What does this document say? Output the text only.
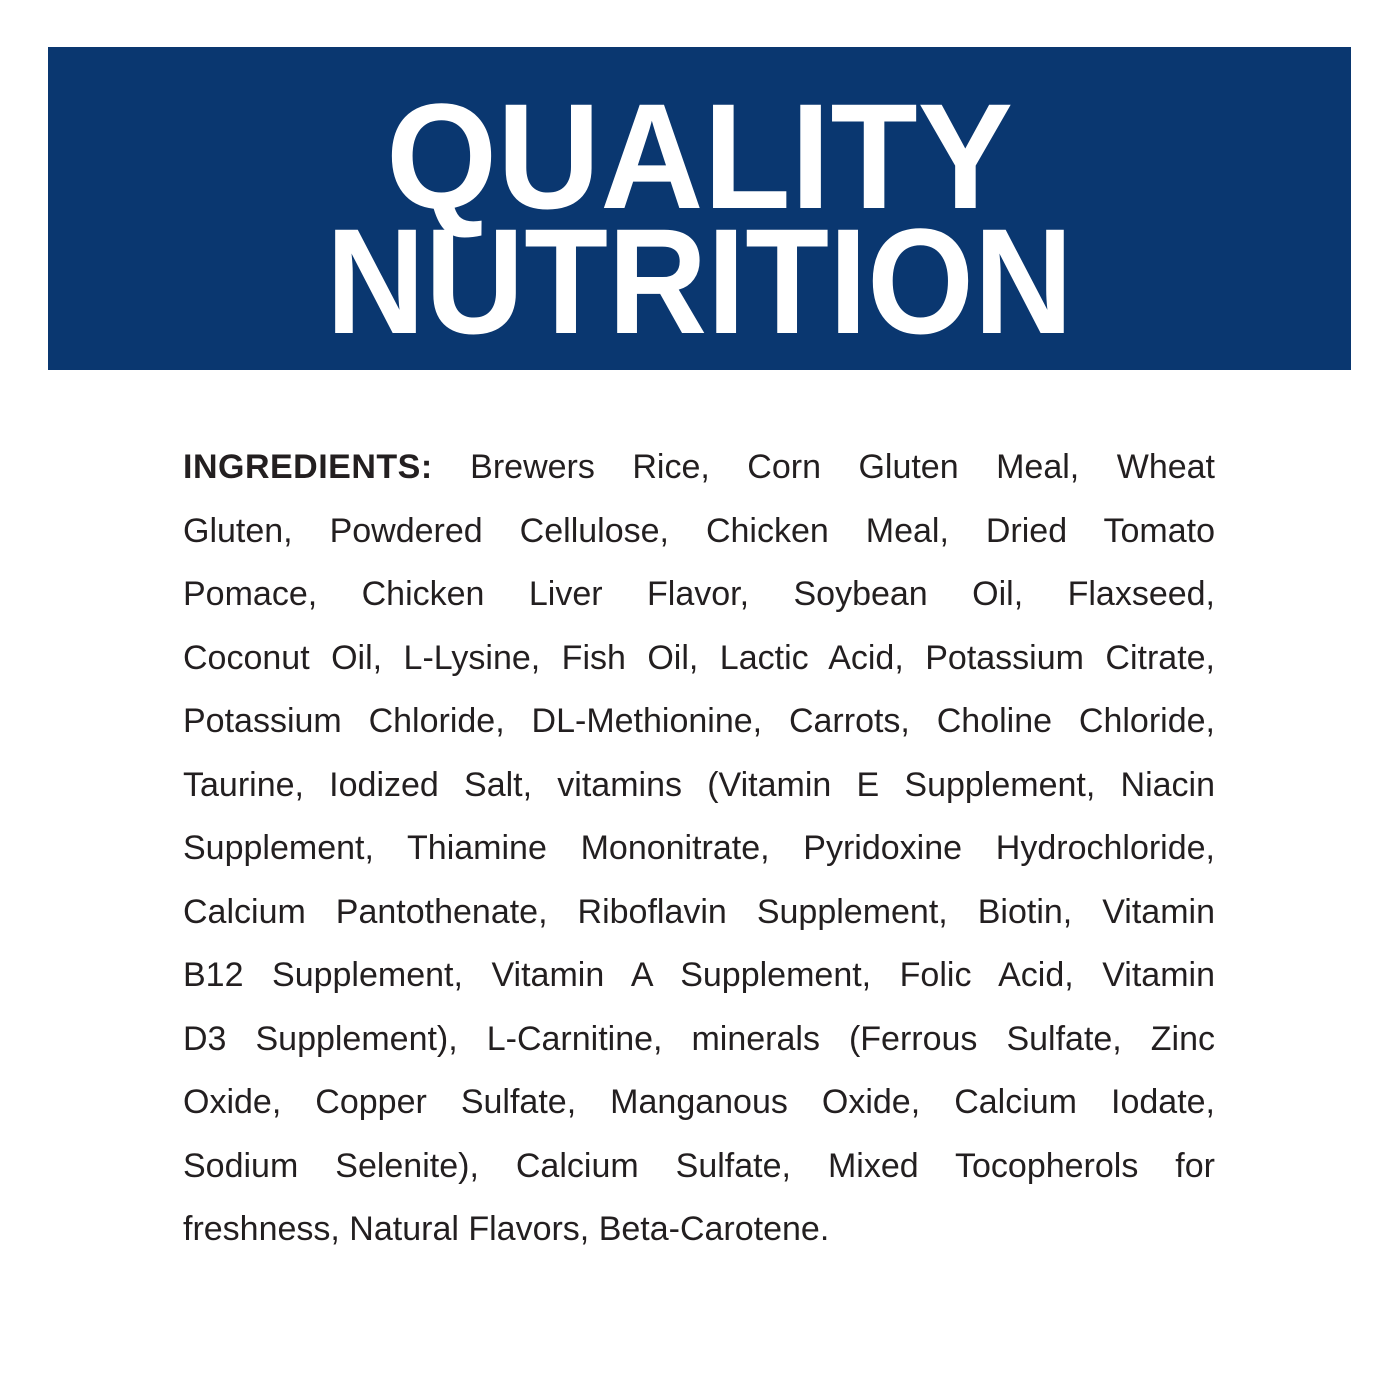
QUALITY
NUTRITION
INGREDIENTS: Brewers Rice, Corn Gluten Meal, Wheat
Gluten, Powdered Cellulose, Chicken Meal, Dried Tomato
Pomace, Chicken Liver Flavor, Soybean Oil, Flaxseed,
Coconut Oil, L-Lysine, Fish Oil, Lactic Acid, Potassium Citrate,
Potassium Chloride, DL-Methionine, Carrots, Choline Chloride,
Taurine, Iodized Salt, vitamins (Vitamin E Supplement, Niacin
Supplement, Thiamine Mononitrate, Pyridoxine Hydrochloride,
Calcium Pantothenate, Riboflavin Supplement, Biotin, Vitamin
B12 Supplement, Vitamin A Supplement, Folic Acid, Vitamin
D3 Supplement), L-Carnitine, minerals (Ferrous Sulfate, Zinc
Oxide, Copper Sulfate, Manganous Oxide, Calcium Iodate,
Sodium Selenite), Calcium Sulfate, Mixed Tocopherols for
freshness, Natural Flavors, Beta-Carotene.
